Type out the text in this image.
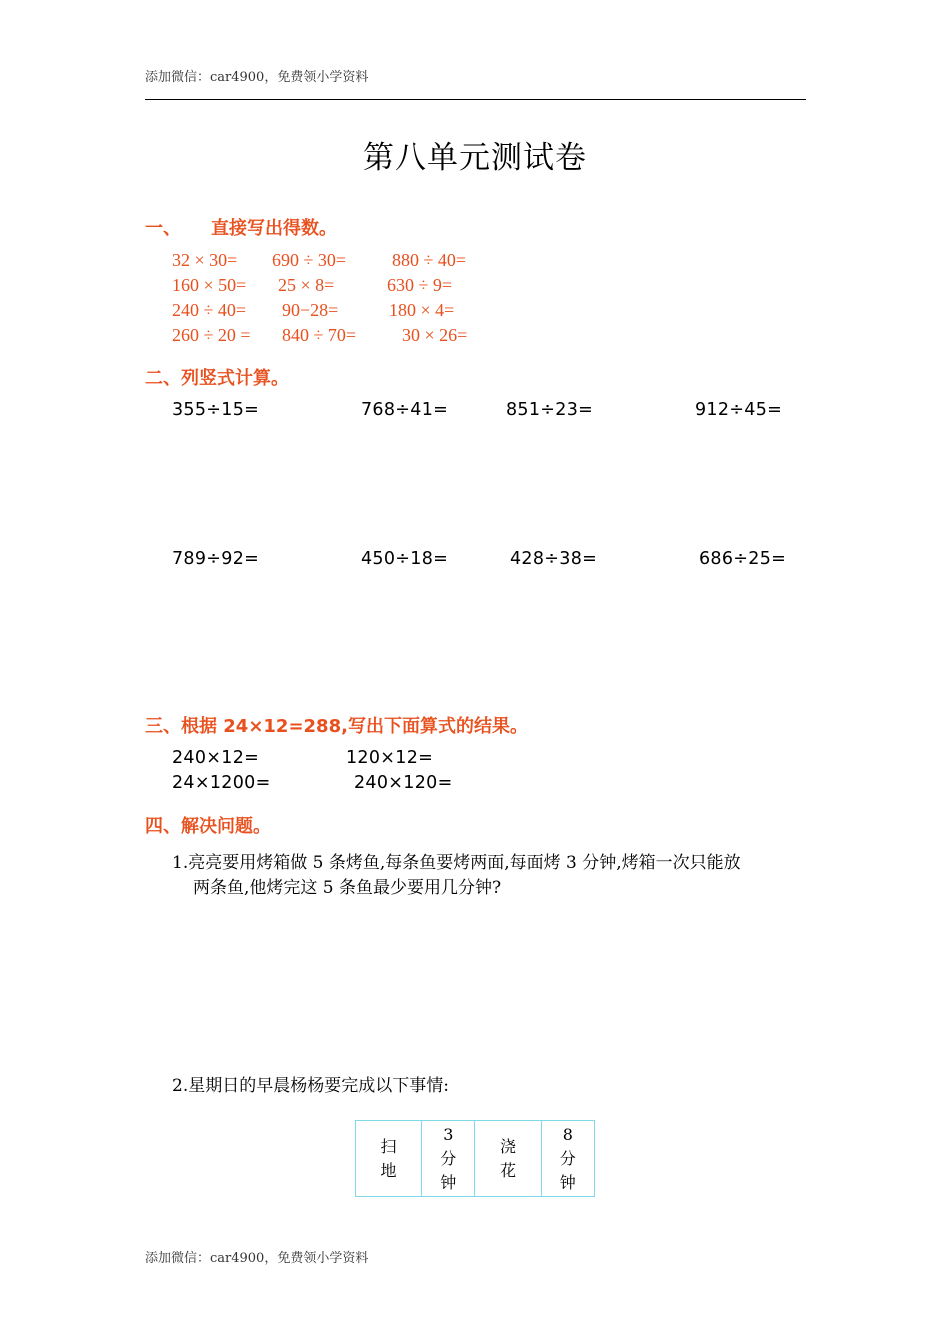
添加微信：car4900，免费领小学资料
第八单元测试卷
一、 直接写出得数。
32 × 30= 690 ÷ 30=	880 ÷ 40=
160 × 50= 25 × 8=	630 ÷ 9=
240 ÷ 40= 90−28=	180 × 4=
260 ÷ 20 = 840 ÷ 70=	30 × 26=
二、列竖式计算。
355÷15=	768÷41=	851÷23=	912÷45=
789÷92=	450÷18=	428÷38=	686÷25=
三、根据 24×12=288,写出下面算式的结果。
240×12=	120×12=
24×1200=	240×120=
四、解决问题。
1.亮亮要用烤箱做 5 条烤鱼,每条鱼要烤两面,每面烤 3 分钟,烤箱一次只能放
两条鱼,他烤完这 5 条鱼最少要用几分钟?
2.星期日的早晨杨杨要完成以下事情:
扫地	3分钟	浇花	8分钟
添加微信：car4900，免费领小学资料
